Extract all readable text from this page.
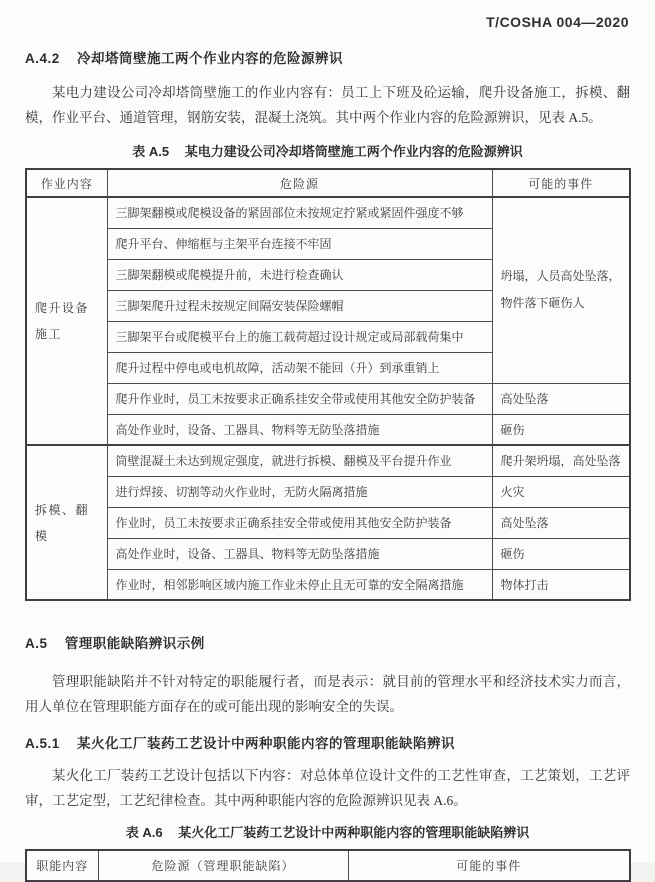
T/COSHA 004—2020
A.4.2 冷却塔筒壁施工两个作业内容的危险源辨识

某电力建设公司冷却塔筒壁施工的作业内容有：员工上下班及砼运输，爬升设备施工，拆模、翻模，作业平台、通道管理，钢筋安装，混凝土浇筑。其中两个作业内容的危险源辨识，见表 A.5。

表 A.5 某电力建设公司冷却塔筒壁施工两个作业内容的危险源辨识
作业内容	危险源	可能的事件
爬升设备施工	三脚架翻模或爬模设备的紧固部位未按规定拧紧或紧固件强度不够	坍塌，人员高处坠落，物件落下砸伤人
	爬升平台、伸缩框与主架平台连接不牢固	
	三脚架翻模或爬模提升前，未进行检查确认	
	三脚架爬升过程未按规定间隔安装保险螺帽	
	三脚架平台或爬模平台上的施工载荷超过设计规定或局部载荷集中	
	爬升过程中停电或电机故障，活动架不能回（升）到承重销上	
	爬升作业时，员工未按要求正确系挂安全带或使用其他安全防护装备	高处坠落
	高处作业时，设备、工器具、物料等无防坠落措施	砸伤
拆模、翻模	筒壁混凝土未达到规定强度，就进行拆模、翻模及平台提升作业	爬升架坍塌，高处坠落
	进行焊接、切割等动火作业时，无防火隔离措施	火灾
	作业时，员工未按要求正确系挂安全带或使用其他安全防护装备	高处坠落
	高处作业时，设备、工器具、物料等无防坠落措施	砸伤
	作业时，相邻影响区域内施工作业未停止且无可靠的安全隔离措施	物体打击
A.5 管理职能缺陷辨识示例

管理职能缺陷并不针对特定的职能履行者，而是表示：就目前的管理水平和经济技术实力而言，用人单位在管理职能方面存在的或可能出现的影响安全的失误。

A.5.1 某火化工厂装药工艺设计中两种职能内容的管理职能缺陷辨识

某火化工厂装药工艺设计包括以下内容：对总体单位设计文件的工艺性审查，工艺策划，工艺评审，工艺定型，工艺纪律检查。其中两种职能内容的危险源辨识见表 A.6。

表 A.6 某火化工厂装药工艺设计中两种职能内容的管理职能缺陷辨识
职能内容	危险源（管理职能缺陷）	可能的事件
